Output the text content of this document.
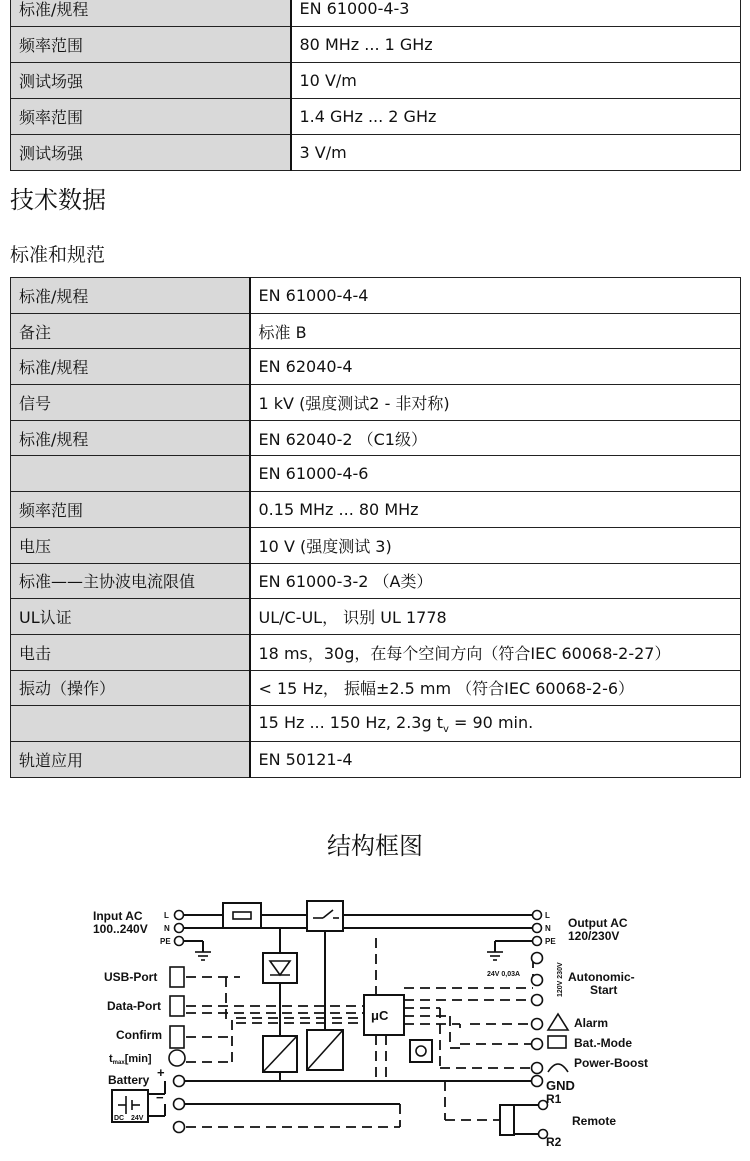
标准/规程	EN 61000-4-3
频率范围	80 MHz ... 1 GHz
测试场强	10 V/m
频率范围	1.4 GHz ... 2 GHz
测试场强	3 V/m
技术数据
标准和规范
标准/规程	EN 61000-4-4
备注	标准 B
标准/规程	EN 62040-4
信号	1 kV (强度测试2 - 非对称)
标准/规程	EN 62040-2 （C1级）
	EN 61000-4-6
频率范围	0.15 MHz ... 80 MHz
电压	10 V (强度测试 3)
标准——主协波电流限值	EN 61000-3-2 （A类）
UL认证	UL/C-UL， 识别 UL 1778
电击	18 ms，30g，在每个空间方向（符合IEC 60068-2-27）
振动（操作）	< 15 Hz， 振幅±2.5 mm （符合IEC 60068-2-6）
	15 Hz ... 150 Hz, 2.3g $t_v = 90$ min.
轨道应用	EN 50121-4
结构框图
Input AC
100..240V
L
N
PE
USB-Port
Data-Port
Confirm
tmax[min]
Battery
DC 24V
+
−
μC
L
N
PE
Output AC
120/230V
24V 0,03A	120V 230V Autonomic-
Start
Alarm
Bat.-Mode
Power-Boost
GND
R1
R2
Remote
